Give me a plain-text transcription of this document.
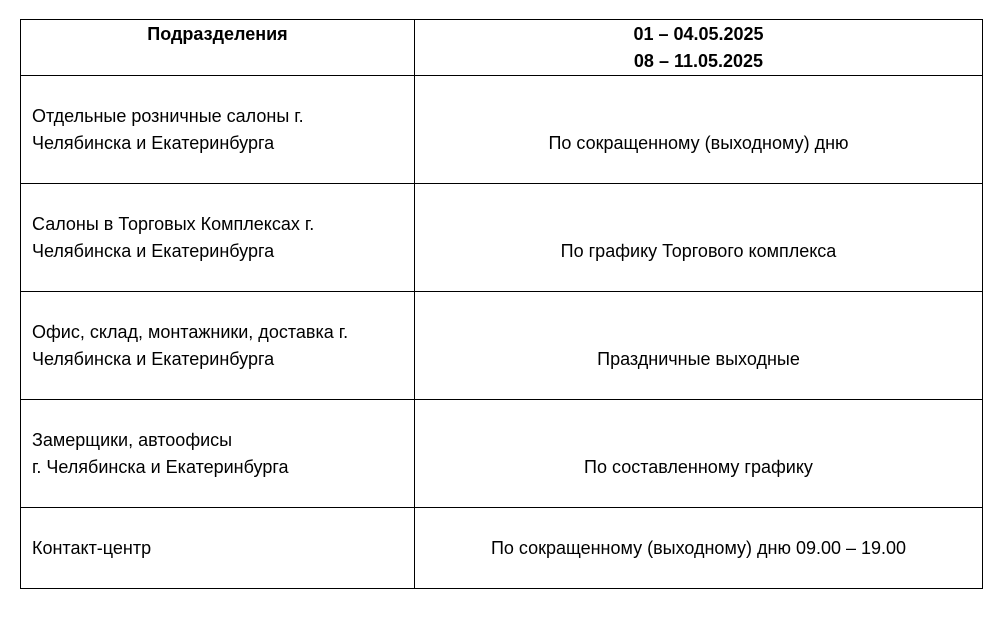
Подразделения	01 – 04.05.2025
08 – 11.05.2025

Отдельные розничные салоны г.
Челябинска и Екатеринбурга	По сокращенному (выходному) дню

Салоны в Торговых Комплексах г.
Челябинска и Екатеринбурга	По графику Торгового комплекса

Офис, склад, монтажники, доставка г.
Челябинска и Екатеринбурга	Праздничные выходные

Замерщики, автоофисы
г. Челябинска и Екатеринбурга	По составленному графику

Контакт-центр	По сокращенному (выходному) дню 09.00 – 19.00
